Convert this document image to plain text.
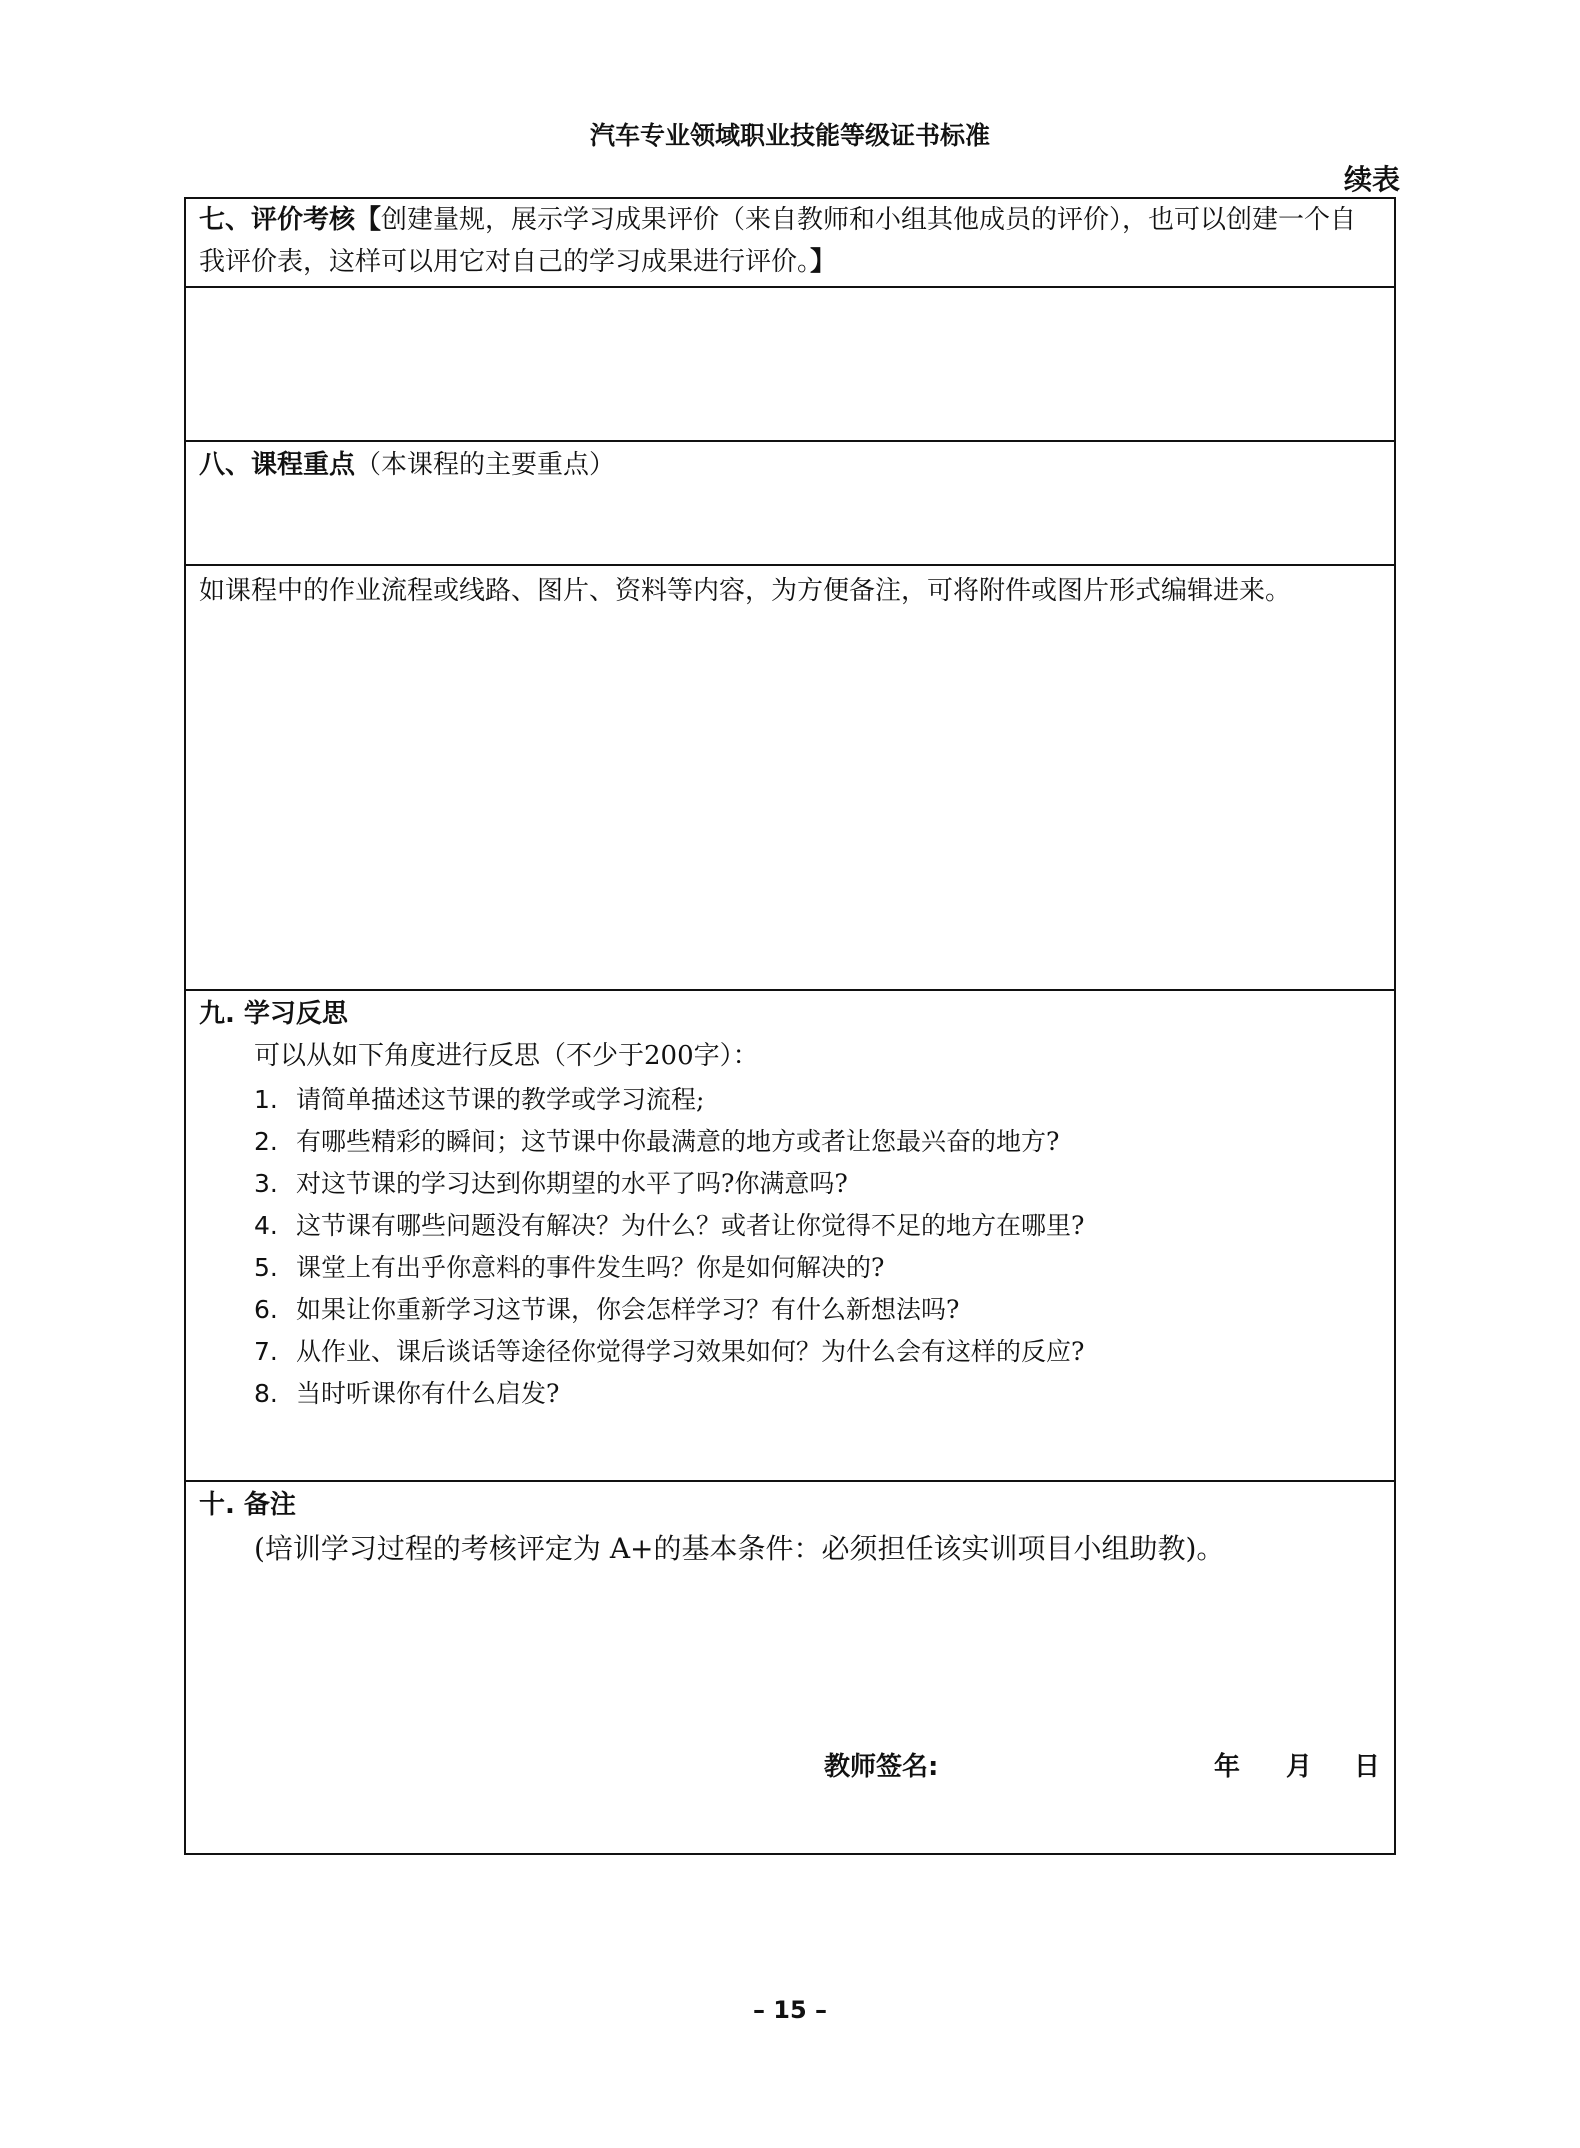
汽车专业领域职业技能等级证书标准
续表
七、评价考核【创建量规，展示学习成果评价（来自教师和小组其他成员的评价），也可以创建一个自我评价表，这样可以用它对自己的学习成果进行评价。】
八、课程重点（本课程的主要重点）
如课程中的作业流程或线路、图片、资料等内容，为方便备注，可将附件或图片形式编辑进来。
九. 学习反思
可以从如下角度进行反思（不少于200字）：
1. 请简单描述这节课的教学或学习流程;
2. 有哪些精彩的瞬间；这节课中你最满意的地方或者让您最兴奋的地方?
3. 对这节课的学习达到你期望的水平了吗?你满意吗?
4. 这节课有哪些问题没有解决？为什么？或者让你觉得不足的地方在哪里?
5. 课堂上有出乎你意料的事件发生吗？你是如何解决的?
6. 如果让你重新学习这节课，你会怎样学习？有什么新想法吗?
7. 从作业、课后谈话等途径你觉得学习效果如何？为什么会有这样的反应?
8. 当时听课你有什么启发?
十. 备注
(培训学习过程的考核评定为 A+的基本条件：必须担任该实训项目小组助教)。
教师签名:	年 月 日
– 15 –
